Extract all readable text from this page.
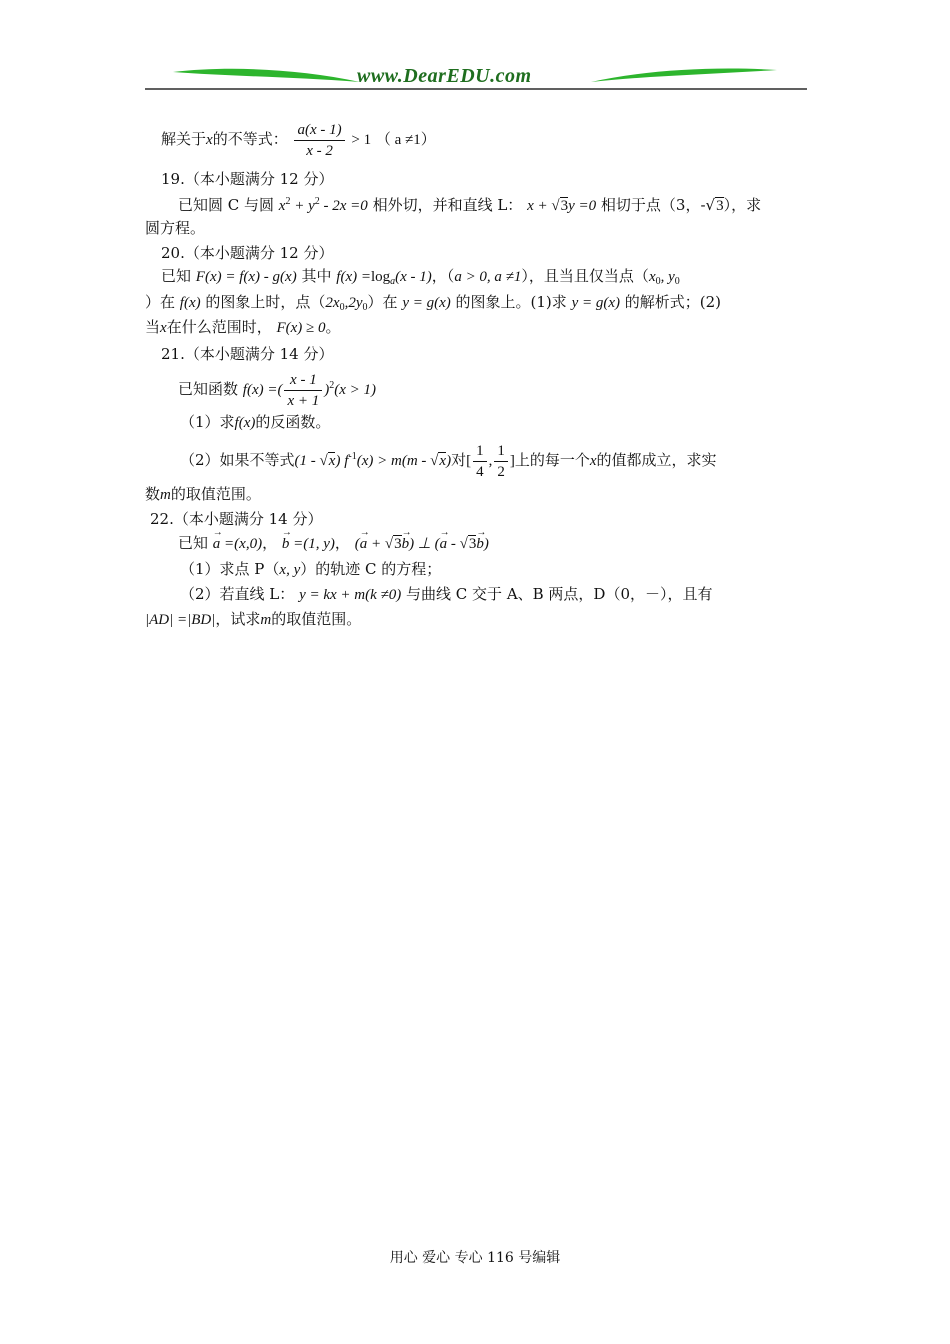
www.DearEDU.com
解关于x的不等式： $\frac{a(x - 1)}{x - 2} > 1$ （ a ≠1）
19.（本小题满分 12 分）
已知圆 C 与圆 $x^2 + y^2 - 2x =0$ 相外切，并和直线 L： x + √3y =0 相切于点（3，-√3），求
圆方程。
20.（本小题满分 12 分）
已知 F(x) = f(x) - g(x) 其中 $f(x) =\log_a(x - 1)$，（a > 0, a ≠1），且当且仅当点（$x_0$, $y_0$
）在 f(x) 的图象上时，点$(2x_0,2y_0)$在 y = g(x) 的图象上。(1)求 y = g(x) 的解析式；(2)
当x在什么范围时， F(x) ≥ 0。
21.（本小题满分 14 分）
已知函数 f(x) =( $\frac{x - 1}{x + 1} )^2(x > 1)$
（1）求f(x)的反函数。
（2）如果不等式(1 - √x) $f^{-1}(x) > m(m - √x)$对[ $\frac{1}{4}$ , $\frac{1}{2}$ ]上的每一个x的值都成立，求实
数m的取值范围。
22.（本小题满分 14 分）
已知 → a =(x,0)， → b =(1, y)， (→ a + √3→ b) ⊥ (→ a - √3→ b)
（1）求点 P（x, y）的轨迹 C 的方程；
（2）若直线 L： y = kx + m(k ≠0) 与曲线 C 交于 A、B 两点，D（0，－），且有
|AD| =|BD|，试求m的取值范围。
用心 爱心 专心 116 号编辑
